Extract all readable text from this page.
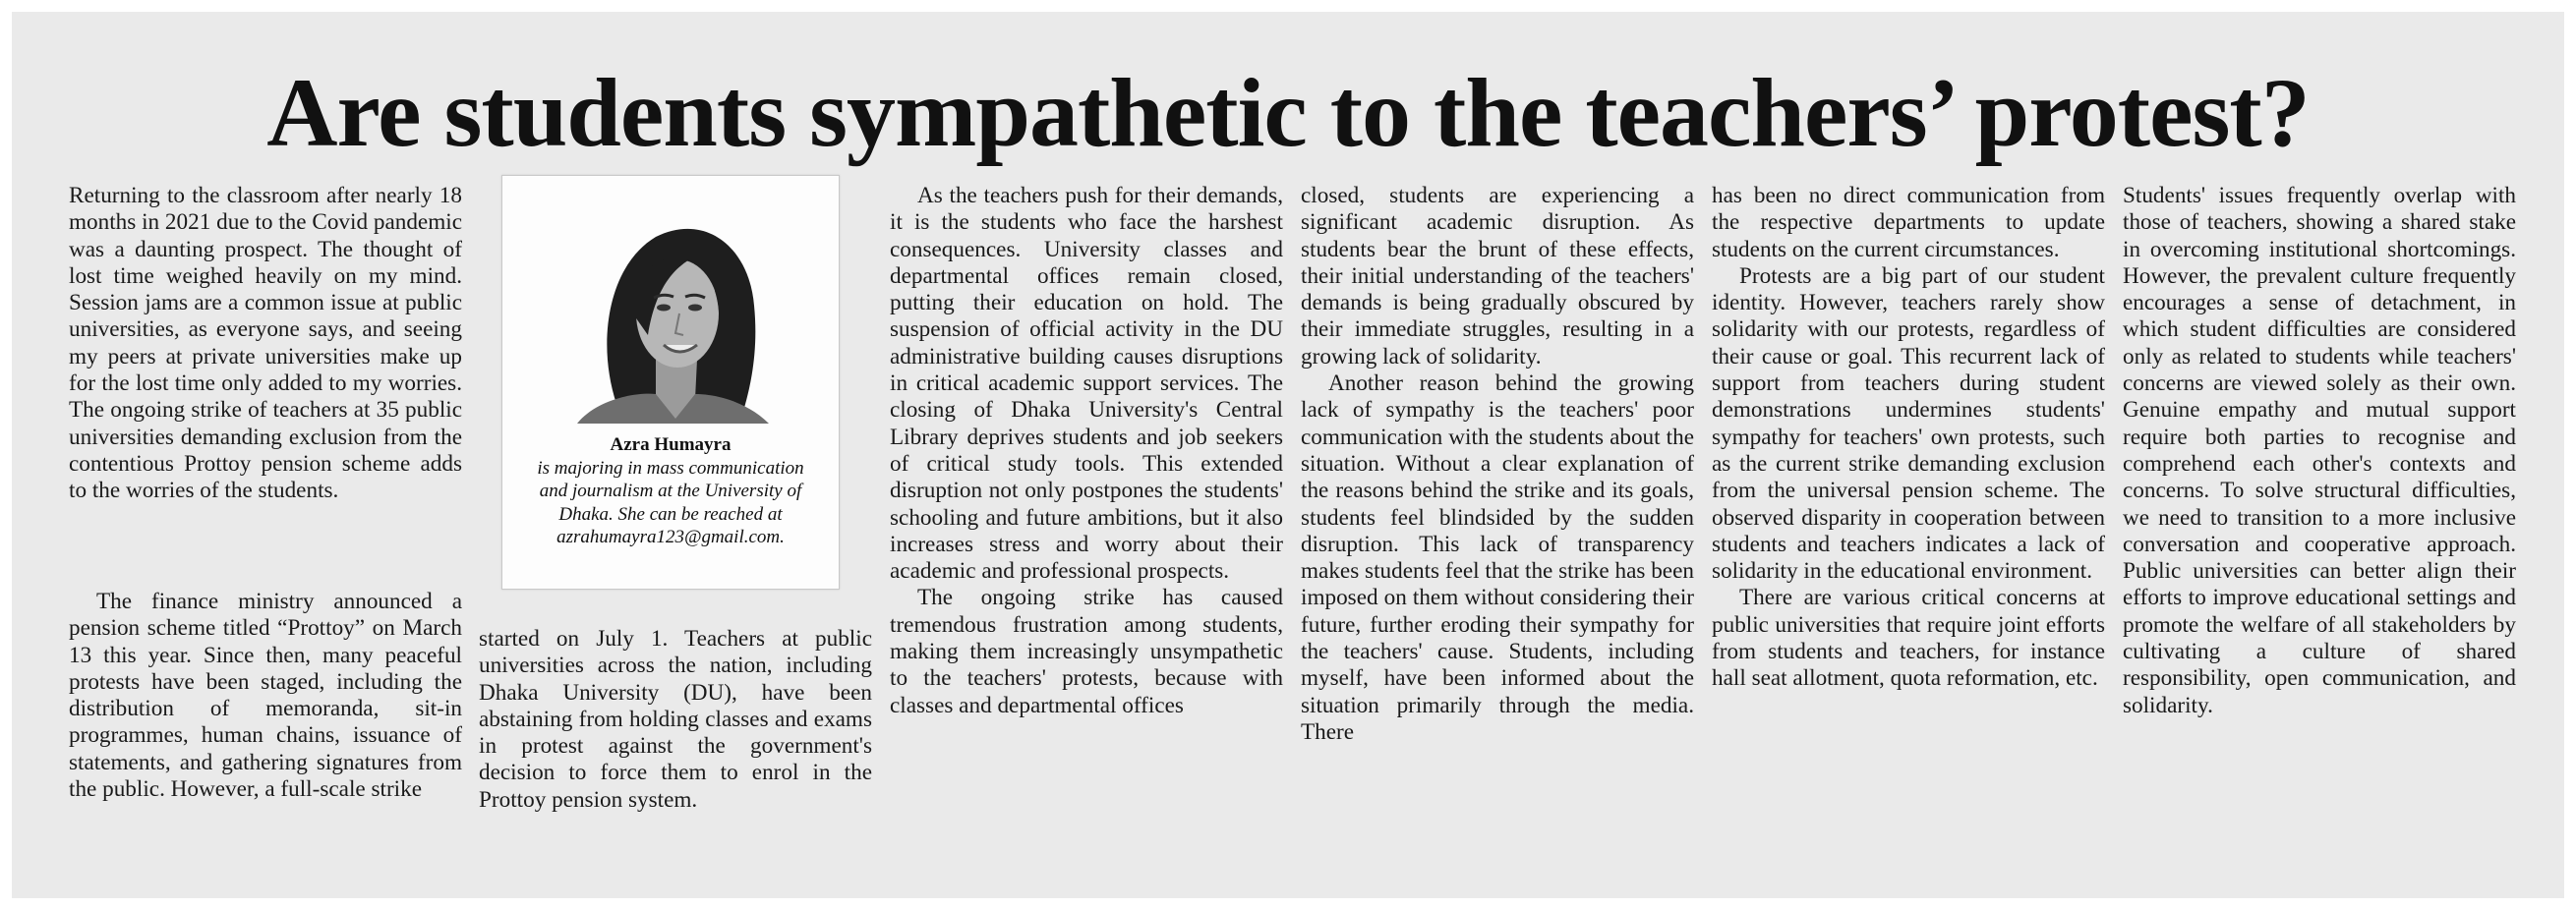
Are students sympathetic to the teachers’ protest?

Returning to the classroom after nearly 18 months in 2021 due to the Covid pandemic was a daunting prospect. The thought of lost time weighed heavily on my mind. Session jams are a common issue at public universities, as everyone says, and seeing my peers at private universities make up for the lost time only added to my worries. The ongoing strike of teachers at 35 public universities demanding exclusion from the contentious Prottoy pension scheme adds to the worries of the students.

The finance ministry announced a pension scheme titled “Prottoy” on March 13 this year. Since then, many peaceful protests have been staged, including the distribution of memoranda, sit-in programmes, human chains, issuance of statements, and gathering signatures from the public. However, a full-scale strike

Azra Humayra
is majoring in mass communication and journalism at the University of Dhaka. She can be reached at azrahumayra123@gmail.com.

started on July 1. Teachers at public universities across the nation, including Dhaka University (DU), have been abstaining from holding classes and exams in protest against the government's decision to force them to enrol in the Prottoy pension system.

As the teachers push for their demands, it is the students who face the harshest consequences. University classes and departmental offices remain closed, putting their education on hold. The suspension of official activity in the DU administrative building causes disruptions in critical academic support services. The closing of Dhaka University's Central Library deprives students and job seekers of critical study tools. This extended disruption not only postpones the students' schooling and future ambitions, but it also increases stress and worry about their academic and professional prospects.

The ongoing strike has caused tremendous frustration among students, making them increasingly unsympathetic to the teachers' protests, because with classes and departmental offices

closed, students are experiencing a significant academic disruption. As students bear the brunt of these effects, their initial understanding of the teachers' demands is being gradually obscured by their immediate struggles, resulting in a growing lack of solidarity.

Another reason behind the growing lack of sympathy is the teachers' poor communication with the students about the situation. Without a clear explanation of the reasons behind the strike and its goals, students feel blindsided by the sudden disruption. This lack of transparency makes students feel that the strike has been imposed on them without considering their future, further eroding their sympathy for the teachers' cause. Students, including myself, have been informed about the situation primarily through the media. There

has been no direct communication from the respective departments to update students on the current circumstances.

Protests are a big part of our student identity. However, teachers rarely show solidarity with our protests, regardless of their cause or goal. This recurrent lack of support from teachers during student demonstrations undermines students' sympathy for teachers' own protests, such as the current strike demanding exclusion from the universal pension scheme. The observed disparity in cooperation between students and teachers indicates a lack of solidarity in the educational environment.

There are various critical concerns at public universities that require joint efforts from students and teachers, for instance hall seat allotment, quota reformation, etc.

Students' issues frequently overlap with those of teachers, showing a shared stake in overcoming institutional shortcomings. However, the prevalent culture frequently encourages a sense of detachment, in which student difficulties are considered only as related to students while teachers' concerns are viewed solely as their own. Genuine empathy and mutual support require both parties to recognise and comprehend each other's contexts and concerns. To solve structural difficulties, we need to transition to a more inclusive conversation and cooperative approach. Public universities can better align their efforts to improve educational settings and promote the welfare of all stakeholders by cultivating a culture of shared responsibility, open communication, and solidarity.
